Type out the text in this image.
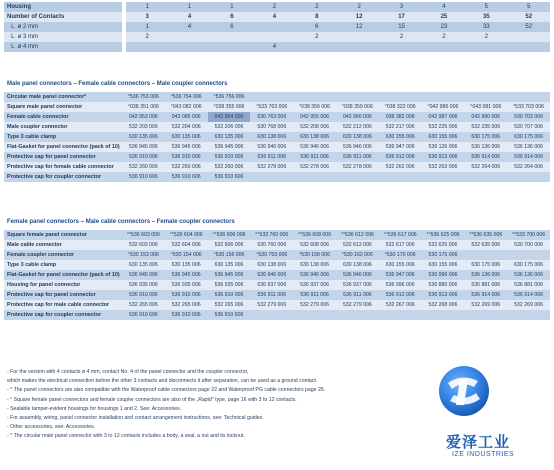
Housing		1	1	1	2	2	2	3	4	5	5
Number of Contacts		3	4	6	4	8	12	17	25	35	52
L ø 2 mm		1	4	6		6	12	15	23	33	52
L ø 3 mm		2				2		2	2	2	
L ø 4 mm					4						
Male panel connectors – Female cable connectors – Male coupler connectors
Circular male panel connector°	°536 753 006	°536 754 006	°536 756 006							
Square male panel connector	°038 351 006	°043 082 006	°038 355 006	°533 763 006	°038 356 006	°038 359 006	°038 322 006	°042 986 006	°043 081 006	°533 703 006
Female cable connector	042 953 006	043 085 006	042 954 006	530 763 006	042 955 006	042 956 006	038 382 006	042 987 006	042 990 006	530 703 006
Male coupler connector	532 203 006	532 204 006	532 206 006	530 768 006	532 208 006	532 212 006	532 217 006	532 225 006	532 235 006	530 707 006
Type 3 cable clamp	630 135 006	630 135 006	630 135 006	630 138 006	630 138 006	630 138 006	630 155 006	630 155 006	630 175 006	630 175 006
Flat-Gasket for panel connector (pack of 10)	536 945 006	536 945 006	536 945 006	536 946 006	536 946 006	536 946 006	536 947 006	536 126 006	536 136 006	536 136 006
Protective cap for panel connector	536 910 006	536 910 006	536 910 006	536 911 006	536 911 006	536 911 006	536 912 006	536 913 006	536 914 006	536 914 006
Protective cap for female cable connector	532 260 006	532 260 006	532 260 006	532 278 006	532 278 006	532 278 006	532 262 006	532 263 006	532 264 006	532 264 006
Protective cap for coupler connector	536 910 606	536 910 606	536 910 606							
Female panel connectors – Male cable connectors – Female coupler connectors
Square female panel connector	°°536 603 006	°°536 604 006	°°536 606 006	°°533 760 006	°°536 608 006	°°536 612 006	°°536 617 006	°°536 625 006	°°536 635 006	°°533 700 006
Male cable connector	532 603 006	532 604 006	532 606 006	530 760 006	532 608 006	532 612 006	532 617 006	532 625 006	532 635 006	530 700 006
Female coupler connector	°530 153 006	°530 154 006	°530 156 006	°530 753 006	°530 158 006	°530 162 006	°530 170 006	530 175 006		
Type 3 cable clamp	630 135 006	630 135 006	630 135 006	630 138 006	630 138 006	630 138 006	630 155 006	630 155 006	630 175 006	630 175 006
Flat-Gasket for panel connector (pack of 10)	536 945 006	536 945 006	536 945 006	536 946 006	536 946 006	536 946 006	536 947 006	536 996 006	536 136 006	536 136 006
Housing for panel connector	536 935 006	536 935 006	536 935 006	536 937 006	536 937 006	536 937 006	536 996 006	536 880 006	536 881 006	536 881 006
Protective cap for panel connector	536 910 006	536 910 006	536 910 006	536 911 006	536 911 006	536 911 006	536 912 006	536 913 006	536 914 006	536 914 006
Protective cap for male cable connector	532 265 006	532 265 006	532 265 006	532 279 006	532 279 006	532 279 006	532 267 006	532 268 006	532 269 006	532 269 006
Protective cap for coupler connector	536 910 606	536 910 606	536 910 606							
- For the version with 4 contacts ø 4 mm, contact No. 4 of the panel connector and the coupler connector,
which makes the electrical connection before the other 3 contacts and disconnects it after separation, can be used as a ground contact.
- ° The panel connectors are also compatible with the Waterproof cable connectors page 22 and Waterproof PG cable connectors page 26.
- ° Square female panel connectors and female coupler connectors are also of the „Rapid" type, page 16 with 3 to 12 contacts.
- Sealable tamper-evident housings for housings 1 and 2. See: Accessories.
- For assembly, wiring, panel connector installation and contact arrangement instructions, see: Technical guides.
- Other accessories, see: Accessories.
- ° The circular male panel connector with 3 to 12 contacts includes a body, a seal, a nut and its locknut.	爱泽工业
IZE INDUSTRIES
